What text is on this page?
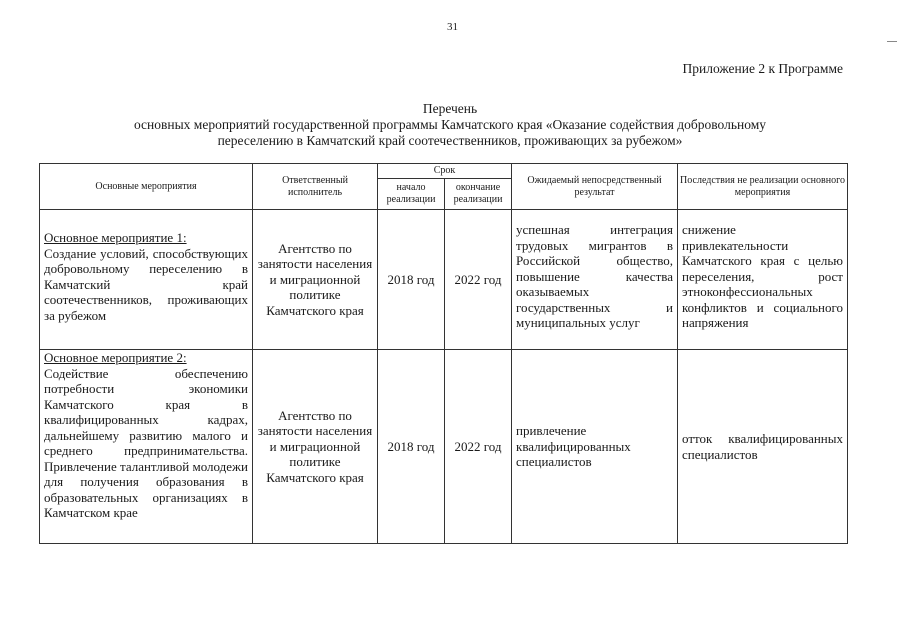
31
Приложение 2 к Программе
Перечень
основных мероприятий государственной программы Камчатского края «Оказание содействия добровольному
переселению в Камчатский край соотечественников, проживающих за рубежом»
Основные мероприятия	Ответственный исполнитель	Срок		Ожидаемый непосредственный результат	Последствия не реализации основного мероприятия
		начало реализации	окончание реализации		

Основное мероприятие 1:
Создание условий, способствующих добровольному переселению в Камчатский край соотечественников, проживающих за рубежом	Агентство по занятости населения и миграционной политике Камчатского края	2018 год	2022 год	успешная интеграция трудовых мигрантов в Российской общество, повышение качества оказываемых государственных и муниципальных услуг	снижение привлекательности Камчатского края с целью переселения, рост этноконфессиональных конфликтов и социального напряжения

Основное мероприятие 2:
Содействие обеспечению потребности экономики Камчатского края в квалифицированных кадрах, дальнейшему развитию малого и среднего предпринимательства. Привлечение талантливой молодежи для получения образования в образовательных организациях в Камчатском крае	Агентство по занятости населения и миграционной политике Камчатского края	2018 год	2022 год	привлечение квалифицированных специалистов	отток квалифицированных специалистов
